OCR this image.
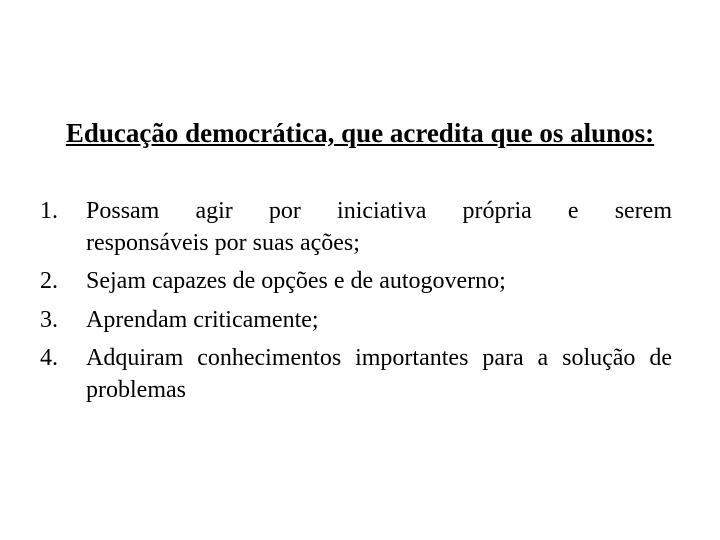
Educação democrática, que acredita que os alunos:
1.	Possam agir por iniciativa própria e serem
responsáveis por suas ações;
2.	Sejam capazes de opções e de autogoverno;
3.	Aprendam criticamente;
4.	Adquiram conhecimentos importantes para a solução de problemas
